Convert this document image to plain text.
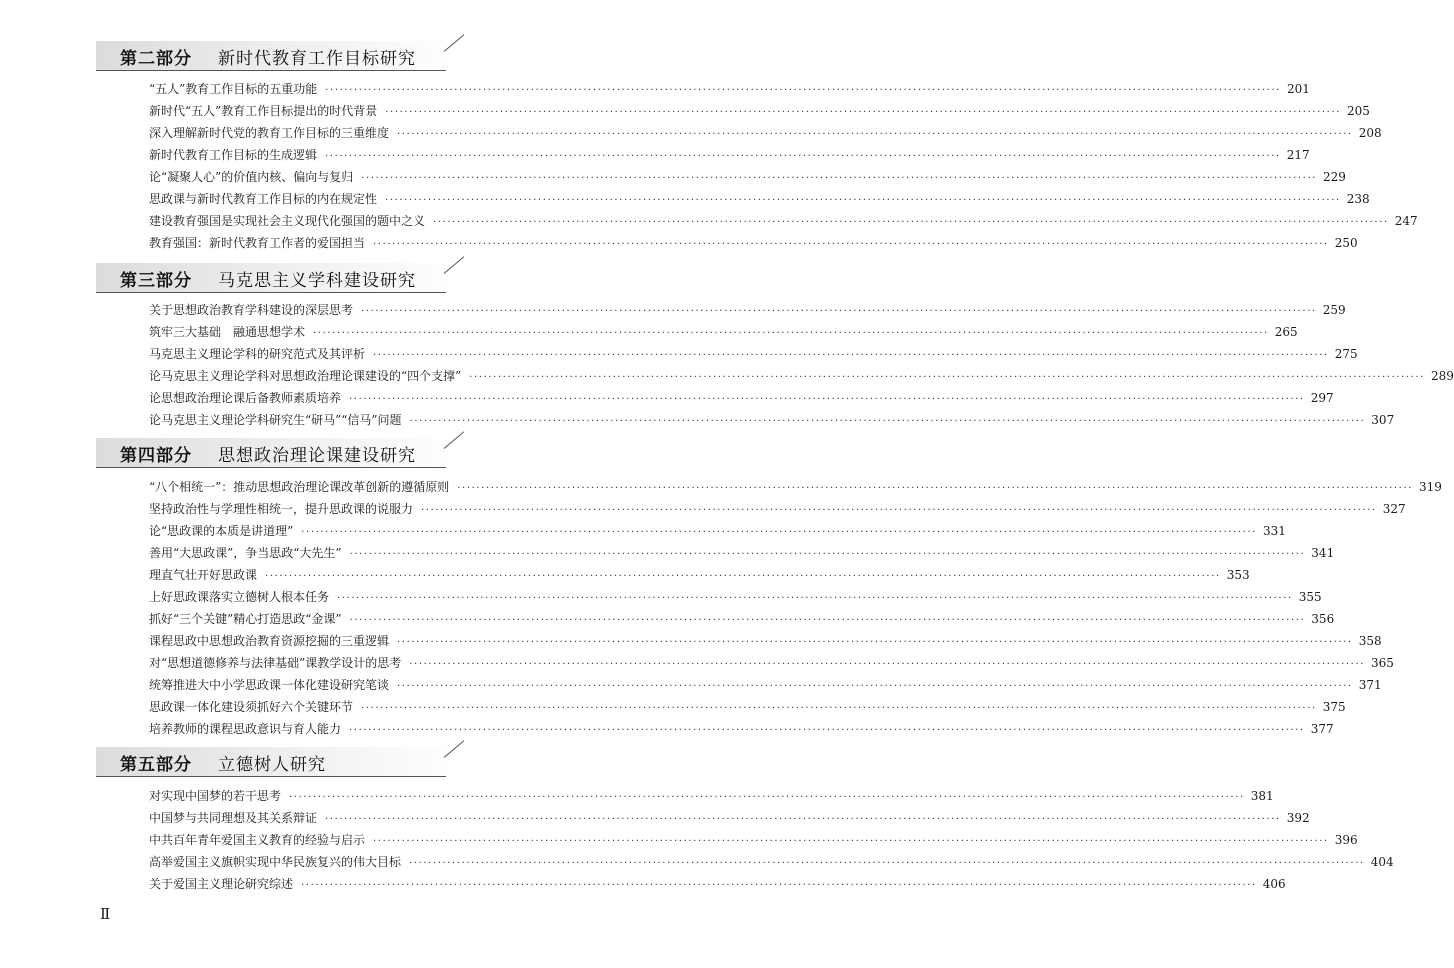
第二部分 新时代教育工作目标研究
“五人”教育工作目标的五重功能 ········································································································································································································ 201
新时代“五人”教育工作目标提出的时代背景 ········································································································································································································ 205
深入理解新时代党的教育工作目标的三重维度 ········································································································································································································ 208
新时代教育工作目标的生成逻辑 ········································································································································································································ 217
论“凝聚人心”的价值内核、偏向与复归 ········································································································································································································ 229
思政课与新时代教育工作目标的内在规定性 ········································································································································································································ 238
建设教育强国是实现社会主义现代化强国的题中之义 ········································································································································································································ 247
教育强国：新时代教育工作者的爱国担当 ········································································································································································································ 250
第三部分 马克思主义学科建设研究
关于思想政治教育学科建设的深层思考 ········································································································································································································ 259
筑牢三大基础　融通思想学术 ········································································································································································································ 265
马克思主义理论学科的研究范式及其评析 ········································································································································································································ 275
论马克思主义理论学科对思想政治理论课建设的“四个支撑” ········································································································································································································ 289
论思想政治理论课后备教师素质培养 ········································································································································································································ 297
论马克思主义理论学科研究生“研马”“信马”问题 ········································································································································································································ 307
第四部分 思想政治理论课建设研究
“八个相统一”：推动思想政治理论课改革创新的遵循原则 ········································································································································································································ 319
坚持政治性与学理性相统一，提升思政课的说服力 ········································································································································································································ 327
论“思政课的本质是讲道理” ········································································································································································································ 331
善用“大思政课”，争当思政“大先生” ········································································································································································································ 341
理直气壮开好思政课 ········································································································································································································ 353
上好思政课落实立德树人根本任务 ········································································································································································································ 355
抓好“三个关键”精心打造思政“金课” ········································································································································································································ 356
课程思政中思想政治教育资源挖掘的三重逻辑 ········································································································································································································ 358
对“思想道德修养与法律基础”课教学设计的思考 ········································································································································································································ 365
统筹推进大中小学思政课一体化建设研究笔谈 ········································································································································································································ 371
思政课一体化建设须抓好六个关键环节 ········································································································································································································ 375
培养教师的课程思政意识与育人能力 ········································································································································································································ 377
第五部分 立德树人研究
对实现中国梦的若干思考 ········································································································································································································ 381
中国梦与共同理想及其关系辩证 ········································································································································································································ 392
中共百年青年爱国主义教育的经验与启示 ········································································································································································································ 396
高举爱国主义旗帜实现中华民族复兴的伟大目标 ········································································································································································································ 404
关于爱国主义理论研究综述 ········································································································································································································ 406
Ⅱ
